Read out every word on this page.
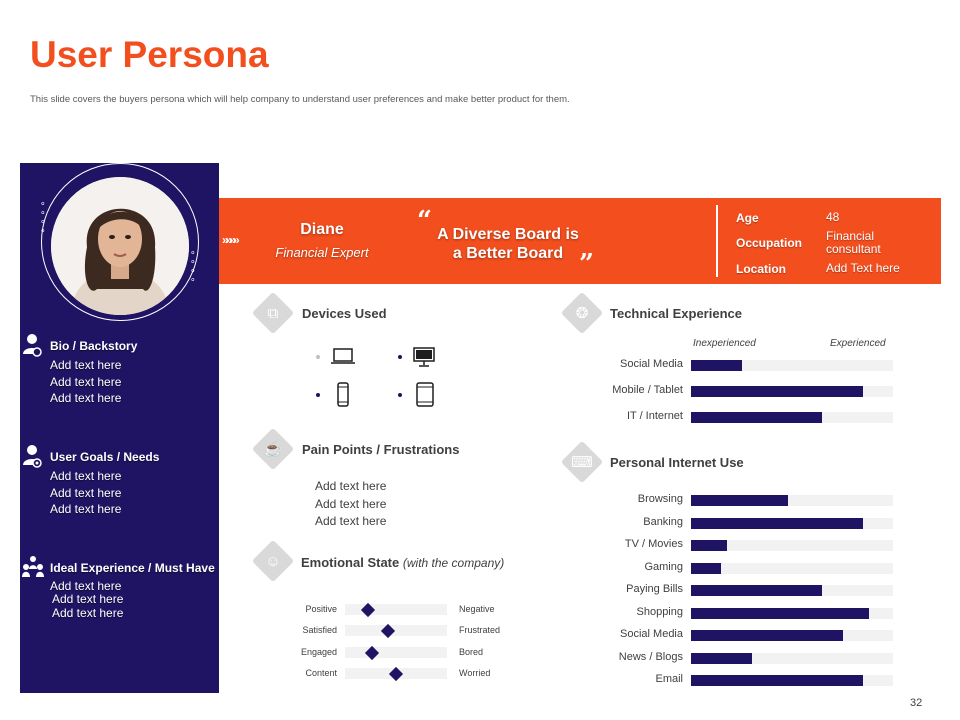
User Persona
This slide covers the buyers persona which will help company to understand user preferences and make better product for them.
∘
∘
∘
∘
∘
∘
∘
∘
Bio / Backstory
Add text here
Add text here
Add text here
User Goals / Needs
Add text here
Add text here
Add text here
Ideal Experience / Must Have
Add text here
Add text here
Add text here
»»»»
Diane
Financial Expert
“ A Diverse Board is
a Better Board ”
Age	48
Occupation Financial
consultant
Location	Add Text here
⧉	Devices Used
☕	Pain Points / Frustrations
Add text here
Add text here
Add text here
☺	Emotional State (with the company)
Positive	Negative
Satisfied	Frustrated
Engaged	Bored
Content	Worried
❂	Technical Experience
Inexperienced	Experienced
Social Media
Mobile / Tablet
IT / Internet
⌨	Personal Internet Use
Browsing
Banking
TV / Movies
Gaming
Paying Bills
Shopping
Social Media
News / Blogs
Email
32
